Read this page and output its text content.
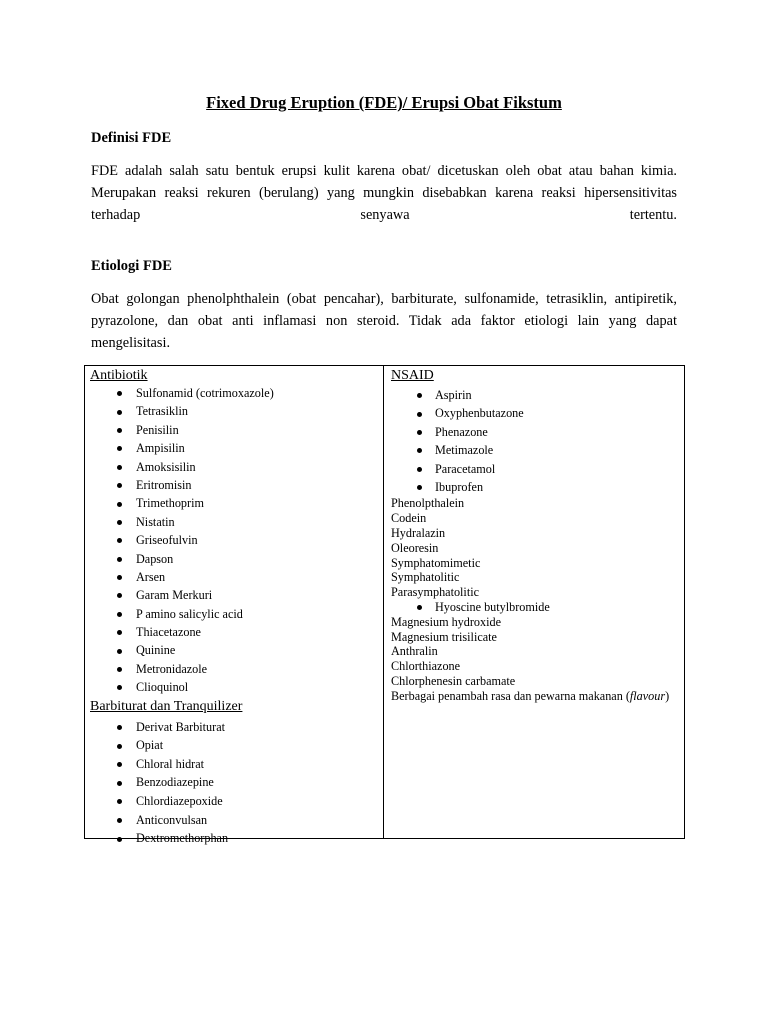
Fixed Drug Eruption (FDE)/ Erupsi Obat Fikstum
Definisi FDE

FDE adalah salah satu bentuk erupsi kulit karena obat/ dicetuskan oleh obat atau bahan kimia. Merupakan reaksi rekuren (berulang) yang mungkin disebabkan karena reaksi hipersensitivitas terhadap senyawa tertentu.

Etiologi FDE

Obat golongan phenolphthalein (obat pencahar), barbiturate, sulfonamide, tetrasiklin, antipiretik, pyrazolone, dan obat anti inflamasi non steroid. Tidak ada faktor etiologi lain yang dapat mengelisitasi.

Antibiotik

Sulfonamid (cotrimoxazole)
Tetrasiklin
Penisilin
Ampisilin
Amoksisilin
Eritromisin
Trimethoprim
Nistatin
Griseofulvin
Dapson
Arsen
Garam Merkuri
P amino salicylic acid
Thiacetazone
Quinine
Metronidazole
Clioquinol

Barbiturat dan Tranquilizer

Derivat Barbiturat
Opiat
Chloral hidrat
Benzodiazepine
Chlordiazepoxide
Anticonvulsan
Dextromethorphan

NSAID

Aspirin
Oxyphenbutazone
Phenazone
Metimazole
Paracetamol
Ibuprofen

Phenolpthalein

Codein

Hydralazin

Oleoresin

Symphatomimetic

Symphatolitic

Parasymphatolitic

Hyoscine butylbromide

Magnesium hydroxide

Magnesium trisilicate

Anthralin

Chlorthiazone

Chlorphenesin carbamate

Berbagai penambah rasa dan pewarna makanan (flavour)
